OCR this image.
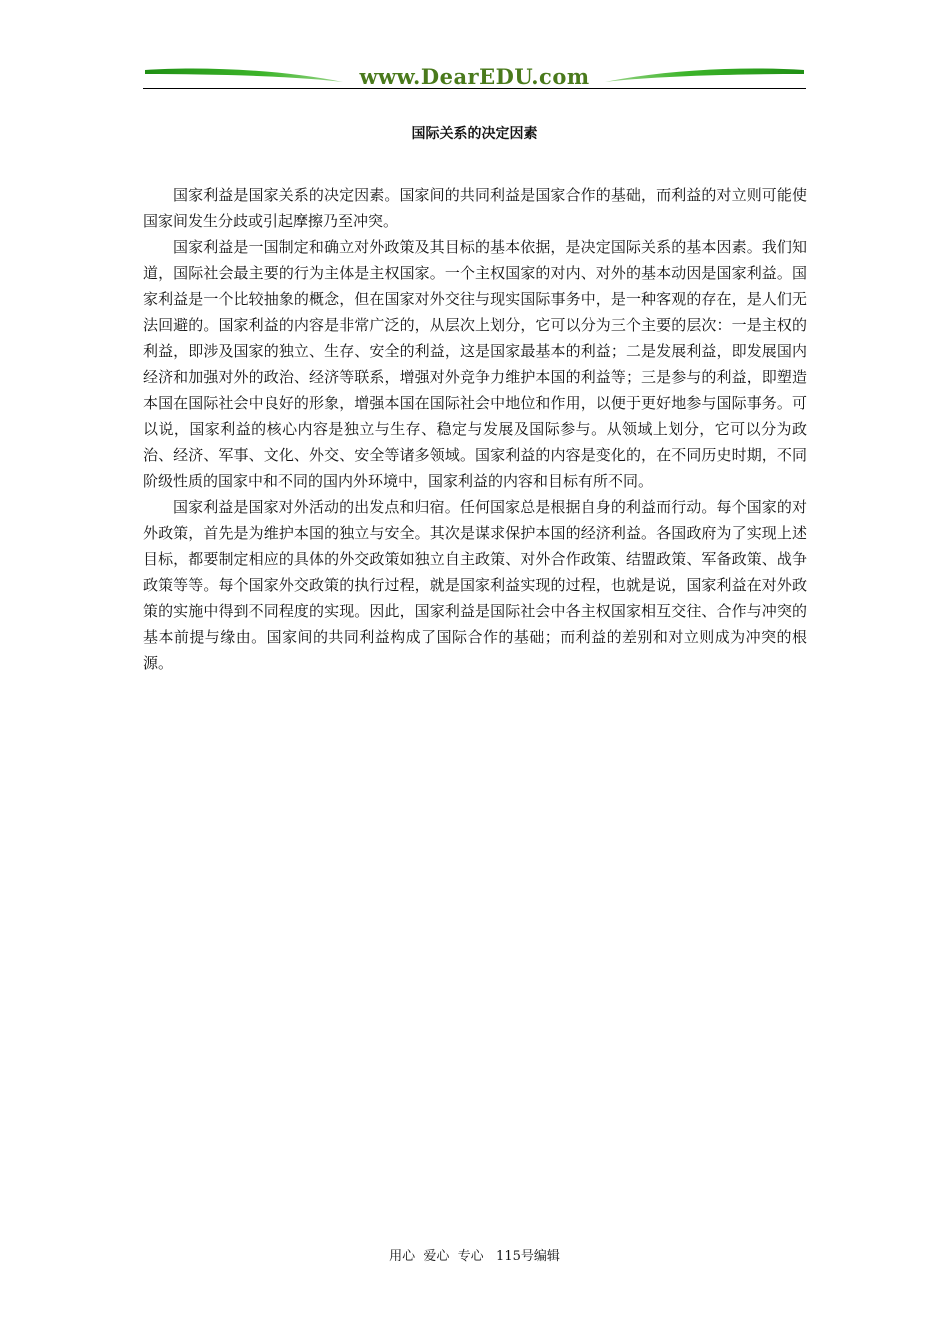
www.DearEDU.com
国际关系的决定因素

国家利益是国家关系的决定因素。国家间的共同利益是国家合作的基础，而利益的对立则可能使国家间发生分歧或引起摩擦乃至冲突。

国家利益是一国制定和确立对外政策及其目标的基本依据，是决定国际关系的基本因素。我们知道，国际社会最主要的行为主体是主权国家。一个主权国家的对内、对外的基本动因是国家利益。国家利益是一个比较抽象的概念，但在国家对外交往与现实国际事务中，是一种客观的存在，是人们无法回避的。国家利益的内容是非常广泛的，从层次上划分，它可以分为三个主要的层次：一是主权的利益，即涉及国家的独立、生存、安全的利益，这是国家最基本的利益；二是发展利益，即发展国内经济和加强对外的政治、经济等联系，增强对外竞争力维护本国的利益等；三是参与的利益，即塑造本国在国际社会中良好的形象，增强本国在国际社会中地位和作用，以便于更好地参与国际事务。可以说，国家利益的核心内容是独立与生存、稳定与发展及国际参与。从领域上划分，它可以分为政治、经济、军事、文化、外交、安全等诸多领域。国家利益的内容是变化的，在不同历史时期，不同阶级性质的国家中和不同的国内外环境中，国家利益的内容和目标有所不同。

国家利益是国家对外活动的出发点和归宿。任何国家总是根据自身的利益而行动。每个国家的对外政策，首先是为维护本国的独立与安全。其次是谋求保护本国的经济利益。各国政府为了实现上述目标，都要制定相应的具体的外交政策如独立自主政策、对外合作政策、结盟政策、军备政策、战争政策等等。每个国家外交政策的执行过程，就是国家利益实现的过程，也就是说，国家利益在对外政策的实施中得到不同程度的实现。因此，国家利益是国际社会中各主权国家相互交往、合作与冲突的基本前提与缘由。国家间的共同利益构成了国际合作的基础；而利益的差别和对立则成为冲突的根源。

用心  爱心  专心   115号编辑
